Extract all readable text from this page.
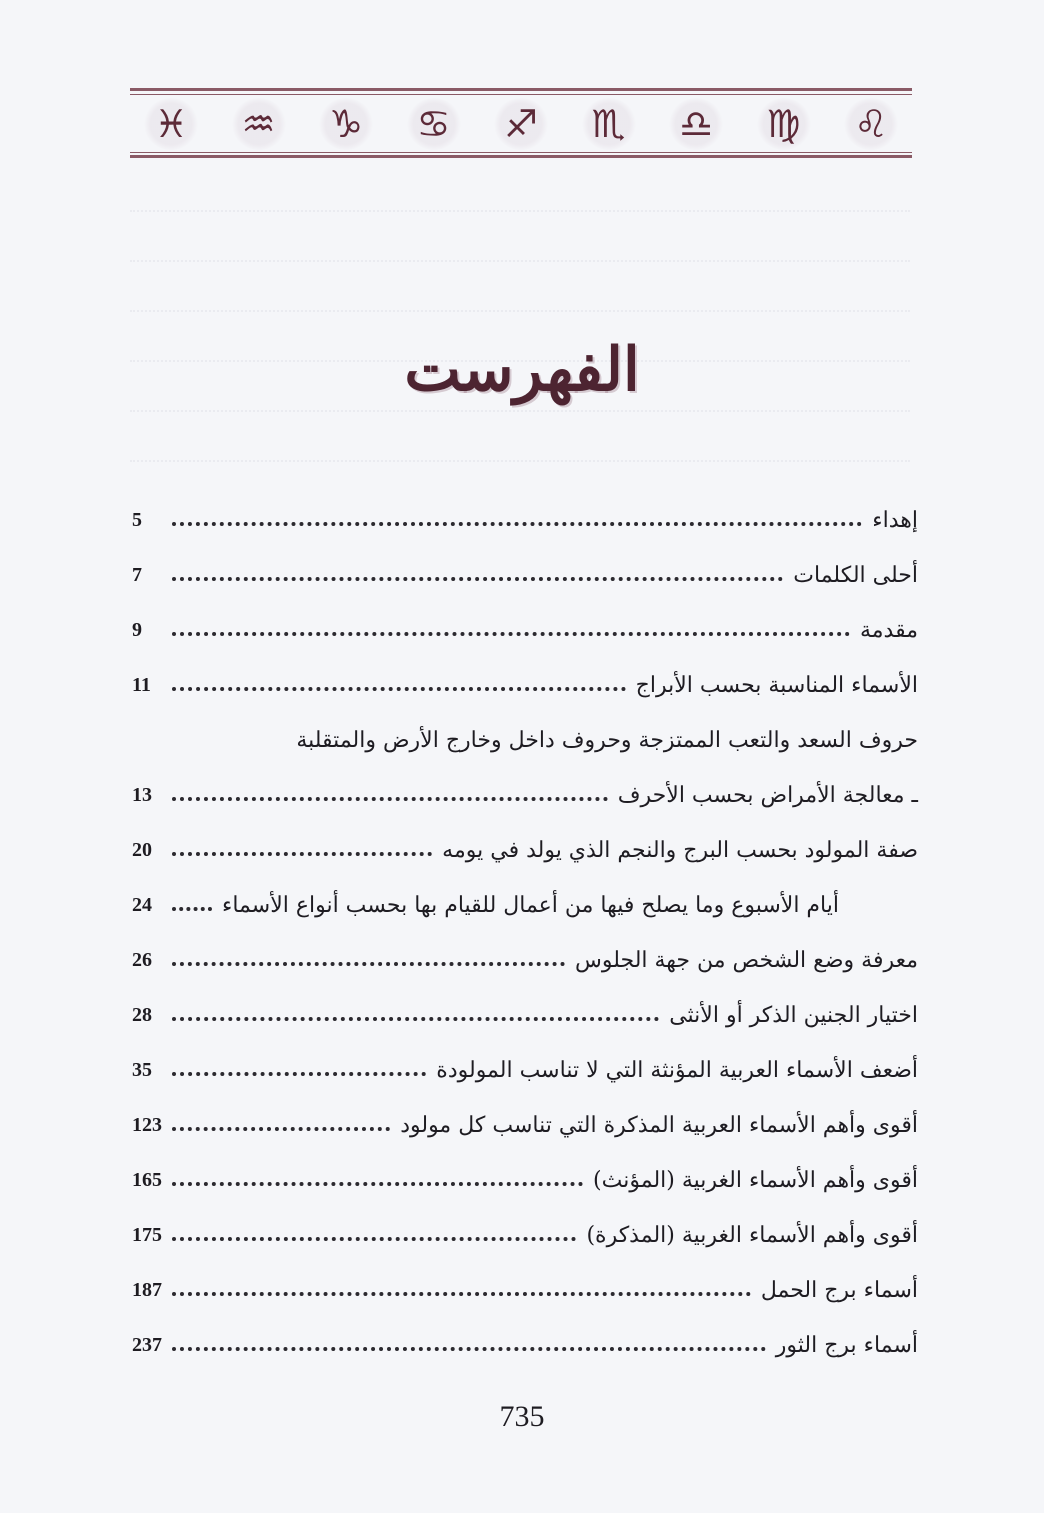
♌
♍
♎
♏
♐
♋
♑
♒
♓
الفهرست
5	إهداء
7	أحلى الكلمات
9	مقدمة
11	الأسماء المناسبة بحسب الأبراج
حروف السعد والتعب الممتزجة وحروف داخل وخارج الأرض والمتقلبة
13	ـ معالجة الأمراض بحسب الأحرف
20	صفة المولود بحسب البرج والنجم الذي يولد في يومه
24	أيام الأسبوع وما يصلح فيها من أعمال للقيام بها بحسب أنواع الأسماء
26	معرفة وضع الشخص من جهة الجلوس
28	اختيار الجنين الذكر أو الأنثى
35	أضعف الأسماء العربية المؤنثة التي لا تناسب المولودة
123	أقوى وأهم الأسماء العربية المذكرة التي تناسب كل مولود
165	أقوى وأهم الأسماء الغربية (المؤنث)
175	أقوى وأهم الأسماء الغربية (المذكرة)
187	أسماء برج الحمل
237	أسماء برج الثور
735
